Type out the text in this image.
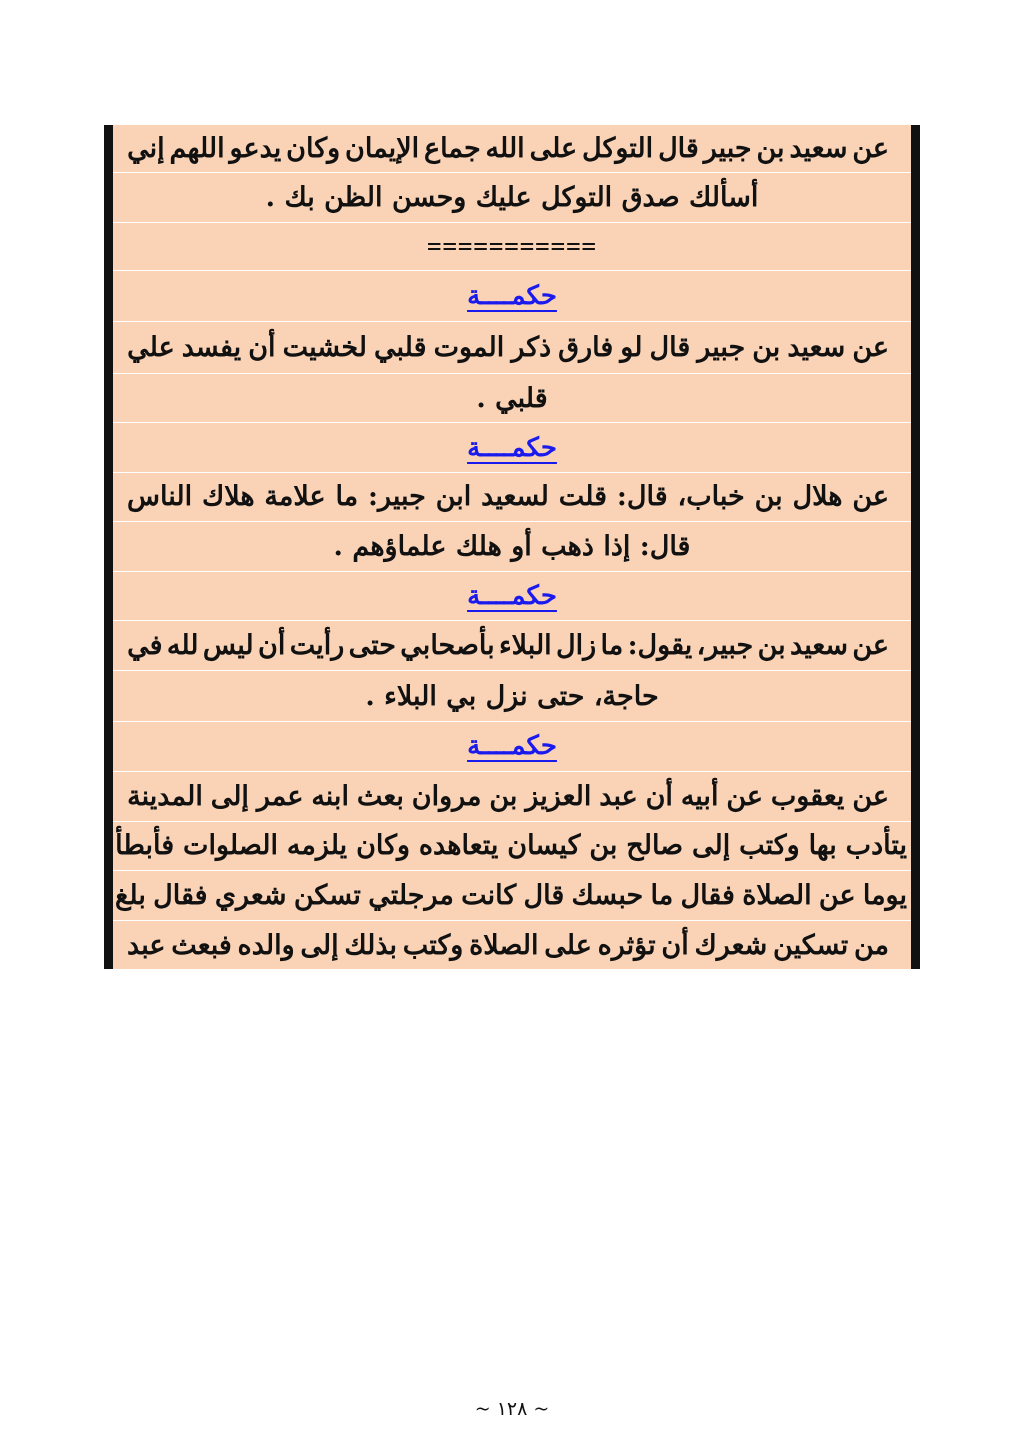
عن
سعيد
بن
جبير
قال
التوكل
على
الله
جماع
الإيمان
وكان
يدعو
اللهم
إني
أسألك صدق التوكل عليك وحسن الظن بك .
===========
حكمــــة
عن
سعيد
بن
جبير
قال
لو
فارق
ذكر
الموت
قلبي
لخشيت
أن
يفسد
علي
قلبي .
حكمــــة
عن
هلال
بن
خباب،
قال:
قلت
لسعيد
ابن
جبير:
ما
علامة
هلاك
الناس
قال: إذا ذهب أو هلك علماؤهم .
حكمــــة
عن
سعيد
بن
جبير،
يقول:
ما
زال
البلاء
بأصحابي
حتى
رأيت
أن
ليس
لله
في
حاجة، حتى نزل بي البلاء .
حكمــــة
عن
يعقوب
عن
أبيه
أن
عبد
العزيز
بن
مروان
بعث
ابنه
عمر
إلى
المدينة
يتأدب
بها
وكتب
إلى
صالح
بن
كيسان
يتعاهده
وكان
يلزمه
الصلوات
فأبطأ
يوما
عن
الصلاة
فقال
ما
حبسك
قال
كانت
مرجلتي
تسكن
شعري
فقال
بلغ
من
تسكين
شعرك
أن
تؤثره
على
الصلاة
وكتب
بذلك
إلى
والده
فبعث
عبد
~ ١٢٨ ~
